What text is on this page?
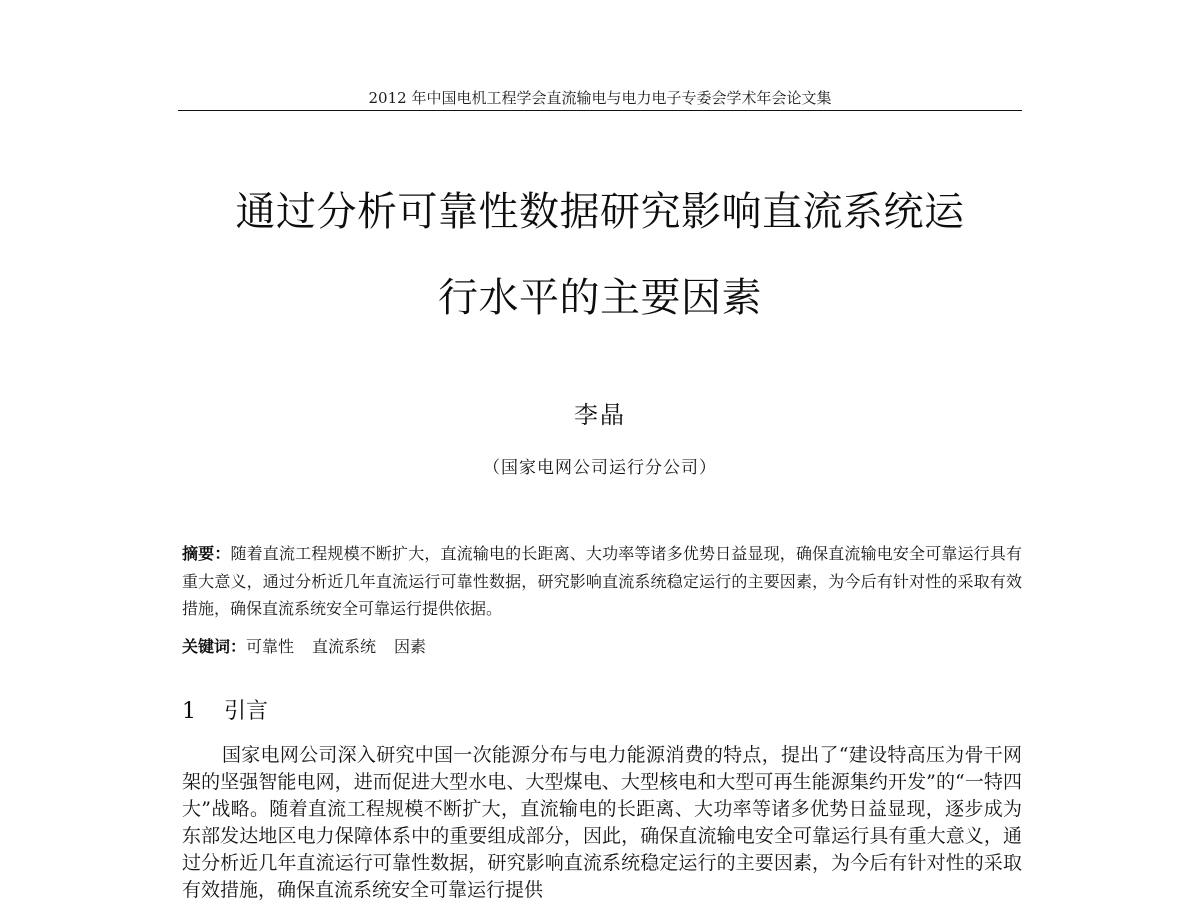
2012 年中国电机工程学会直流输电与电力电子专委会学术年会论文集
通过分析可靠性数据研究影响直流系统运
行水平的主要因素
李晶
（国家电网公司运行分公司）
摘要：随着直流工程规模不断扩大，直流输电的长距离、大功率等诸多优势日益显现，确保直流输电安全可靠运行具有重大意义，通过分析近几年直流运行可靠性数据，研究影响直流系统稳定运行的主要因素，为今后有针对性的采取有效措施，确保直流系统安全可靠运行提供依据。
关键词：可靠性 直流系统 因素
1 引言
国家电网公司深入研究中国一次能源分布与电力能源消费的特点，提出了“建设特高压为骨干网架的坚强智能电网，进而促进大型水电、大型煤电、大型核电和大型可再生能源集约开发”的“一特四大”战略。随着直流工程规模不断扩大，直流输电的长距离、大功率等诸多优势日益显现，逐步成为东部发达地区电力保障体系中的重要组成部分，因此，确保直流输电安全可靠运行具有重大意义，通过分析近几年直流运行可靠性数据，研究影响直流系统稳定运行的主要因素，为今后有针对性的采取有效措施，确保直流系统安全可靠运行提供
